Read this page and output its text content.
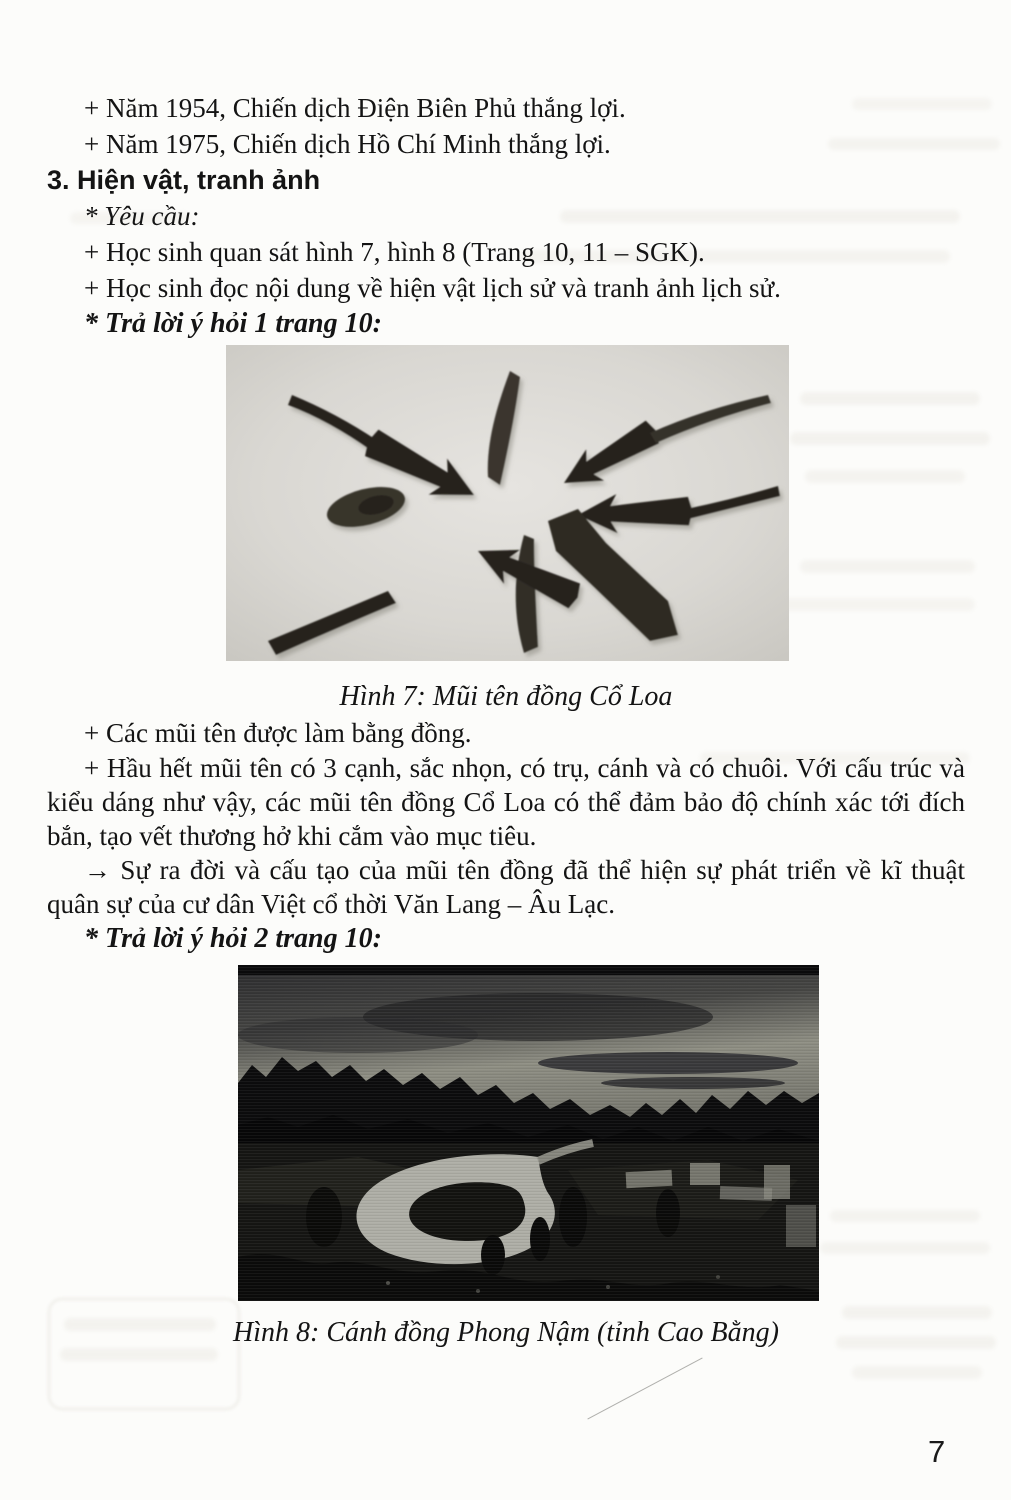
+ Năm 1954, Chiến dịch Điện Biên Phủ thắng lợi.

+ Năm 1975, Chiến dịch Hồ Chí Minh thắng lợi.

3. Hiện vật, tranh ảnh

* Yêu cầu:

+ Học sinh quan sát hình 7, hình 8 (Trang 10, 11 – SGK).

+ Học sinh đọc nội dung về hiện vật lịch sử và tranh ảnh lịch sử.

* Trả lời ý hỏi 1 trang 10:

Hình 7: Mũi tên đồng Cổ Loa

+ Các mũi tên được làm bằng đồng.

+ Hầu hết mũi tên có 3 cạnh, sắc nhọn, có trụ, cánh và có chuôi. Với cấu trúc và kiểu dáng như vậy, các mũi tên đồng Cổ Loa có thể đảm bảo độ chính xác tới đích bắn, tạo vết thương hở khi cắm vào mục tiêu.

→ Sự ra đời và cấu tạo của mũi tên đồng đã thể hiện sự phát triển về kĩ thuật quân sự của cư dân Việt cổ thời Văn Lang – Âu Lạc.

* Trả lời ý hỏi 2 trang 10:

Hình 8: Cánh đồng Phong Nậm (tỉnh Cao Bằng)
7
